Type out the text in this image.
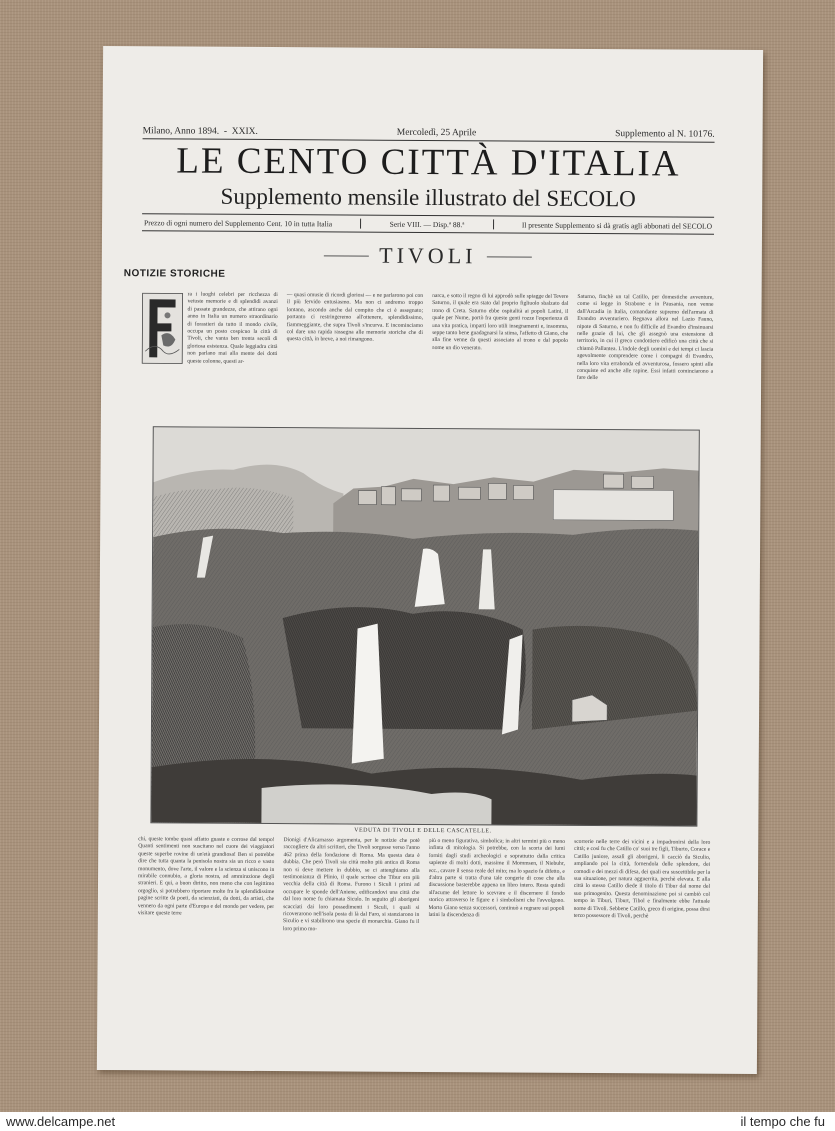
Milano, Anno 1894.  -  XXIX.	Mercoledì, 25 Aprile	Supplemento al N. 10176.
LE CENTO CITTÀ D'ITALIA
Supplemento mensile illustrato del SECOLO
Prezzo di ogni numero del Supplemento Cent. 10 in tutta Italia	Serie VIII. — Disp.ª 88.ª	Il presente Supplemento si dà gratis agli abbonati del SECOLO
TIVOLI
NOTIZIE STORICHE
ra i luoghi celebri per ricchezza di vetuste memorie e di splendidi avanzi di passate grandezze, che attirano ogni anno in Italia un numero straordinario di forastieri da tutto il mondo civile, occupa un posto cospicuo la città di Tivoli, che vanta ben trenta secoli di gloriosa esistenza. Quale leggiadra città non parlano mai alla mente dei dotti queste colonne, questi ar-
— quasi omusie di ricordi gloriosi — e ne parlarono poi con il più fervido entusiasmo. Ma non ci andremo troppo lontano, ascondo anche dal compito che ci è assegnato; portanto ci restringeremo all'ottenere, splendidissimo, fiammeggiante, che supra Tivoli s'incurva. E incominciamo col dare una rapida rassegna alle memorie storiche che di questa città, in breve, a noi rimangono.
narca, e sotto il regno di lui approdò sulle spiagge del Tevere Saturno, il quale era stato dal proprio figliuolo sbalzato dal trono di Creta. Saturno ebbe ospitalità ai popoli Latini, il quale per Nume, portò fra queste genti rozze l'esperienza di una vita pratica, impartì loro utili insegnamenti e, insomma, seppe tanto bene guadagnarsi la stima, l'affetto di Giano, che alla fine venne da questi associato al trono e dal popolo nome un dio venerato.
Saturno, finchè un tal Catillo, per domestiche avventure, come si legge in Strabone e in Pausania, non venne dall'Arcadia in Italia, comandante supremo dell'armata di Evandro avventuriero. Regnava allora nel Lazio Fauno, nipote di Saturno, e non fu difficile ad Evandro d'insinuarsi nelle grazie di lui, che gli assegnò una estensione di territorio, in cui il greco condottiero edificò una città che si chiamò Pallantea. L'indole degli uomini e dei tempi ci lascia agevolmente comprendere come i compagni di Evandro, nella loro vita errabonda ed avventurosa, fossero spinti alle conquiste ed anche alle rapine. Essi infatti cominciarono a fare delle
VEDUTA DI TIVOLI E DELLE CASCATELLE.
chi, queste tombe quasi affatto guaste e corrose dal tempo! Quanti sentimenti non suscitano nel cuore dei viaggiatori queste superbe rovine di un'età grandiosa! Ben si potrebbe dire che tutta quanta la penisola nostra sia un ricco e vasto monumento, dove l'arte, il valore e la scienza si uniscono in mirabile connubio, a gloria nostra, ad ammirazione degli stranieri. E qui, a buon diritto, non meno che con legittimo orgoglio, si potrebbero riportare molte fra le splendidissime pagine scritte da poeti, da scienziati, da dotti, da artisti, che vennero da ogni parte d'Europa e del mondo per vedere, per visitare queste terre
Dionigi d'Alicarnasso argomenta, per le notizie che potè raccogliere da altri scrittori, che Tivoli sorgesse verso l'anno 462 prima della fondazione di Roma. Ma questa data è dubbia. Che però Tivoli sia città molto più antica di Roma non si deve mettere in dubbio, se ci attenghiamo alla testimonianza di Plinio, il quale scrisse che Tibur era più vecchia della città di Roma. Furono i Siculi i primi ad occupare le sponde dell'Aniene, edificandovi una città che dal loro nome fu chiamata Siculo. In seguito gli aborigeni scacciati dai loro possedimenti i Siculi, i quali si ricoverarono nell'isola posta di là dal Faro, si stanziarono in Siculio e vi stabilirono una specie di monarchia. Giano fu il loro primo mo-
più o meno figurativa, simbolica; in altri termini più o meno infinta di mitologia. Si potrebbe, con la scorta dei lumi forniti dagli studi archeologici e soprattutto dalla critica sapiente di molti dotti, massime il Mommsen, il Niebuhr, ecc., cavare il senso reale del mito; ma lo spazio fa difetto, e d'altra parte si tratta d'una tale congerie di cose che alla discussione basterebbe appena un libro intero. Resta quindi all'acume del lettore lo scevrare e il discernere il fondo storico attraverso le figure e i simbolismi che l'avvolgono. Morto Giano senza successori, continuò a regnare sui popoli latini la discendenza di
scorrerie nelle terre dei vicini e a impadronirsi della loro città; e così fu che Catillo co' suoi tre figli, Tiburto, Corace e Catillo juniore, assalì gli aborigeni, li cacciò da Siculio, ampliando poi la città, fornendola delle splendore, dei comodi e dei mezzi di difesa, dei quali era suscettibile per la sua situazione, per natura agguerrita, perchè elevata. E alla città lo stesso Catillo diede il titolo di Tibur dal nome del suo primogenito. Questa denominazione poi si cambiò col tempo in Tiburi, Tiburt, Tibol e finalmente ebbe l'attuale nome di Tivoli. Sebbene Catillo, greco di origine, possa dirsi terzo possessore di Tivoli, perchè
www.delcampe.net	il tempo che fu
